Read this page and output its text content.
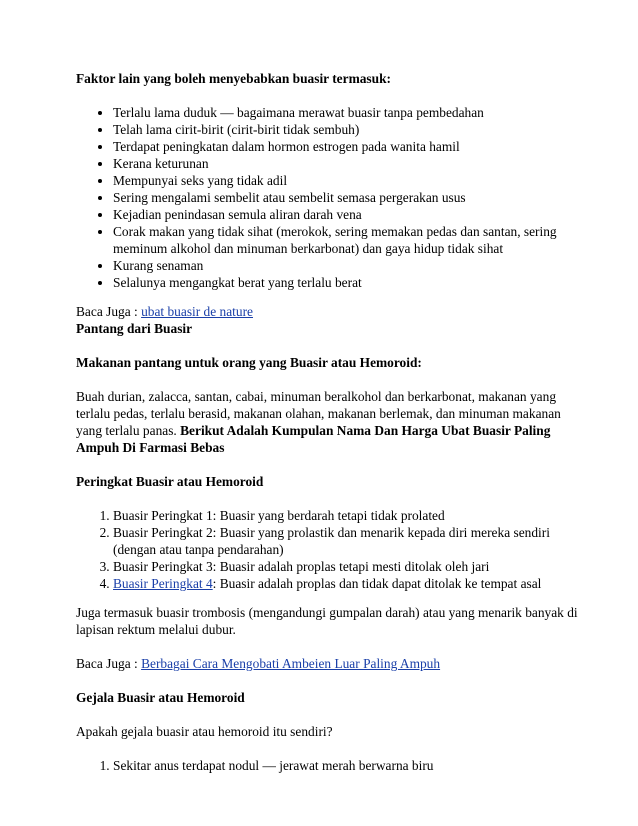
Faktor lain yang boleh menyebabkan buasir termasuk:

• Terlalu lama duduk — bagaimana merawat buasir tanpa pembedahan
• Telah lama cirit-birit (cirit-birit tidak sembuh)
• Terdapat peningkatan dalam hormon estrogen pada wanita hamil
• Kerana keturunan
• Mempunyai seks yang tidak adil
• Sering mengalami sembelit atau sembelit semasa pergerakan usus
• Kejadian penindasan semula aliran darah vena
• Corak makan yang tidak sihat (merokok, sering memakan pedas dan santan, sering meminum alkohol dan minuman berkarbonat) dan gaya hidup tidak sihat
• Kurang senaman
• Selalunya mengangkat berat yang terlalu berat

Baca Juga : ubat buasir de nature

Pantang dari Buasir

Makanan pantang untuk orang yang Buasir atau Hemoroid:

Buah durian, zalacca, santan, cabai, minuman beralkohol dan berkarbonat, makanan yang terlalu pedas, terlalu berasid, makanan olahan, makanan berlemak, dan minuman makanan yang terlalu panas. Berikut Adalah Kumpulan Nama Dan Harga Ubat Buasir Paling Ampuh Di Farmasi Bebas

Peringkat Buasir atau Hemoroid

1. Buasir Peringkat 1: Buasir yang berdarah tetapi tidak prolated
2. Buasir Peringkat 2: Buasir yang prolastik dan menarik kepada diri mereka sendiri (dengan atau tanpa pendarahan)
3. Buasir Peringkat 3: Buasir adalah proplas tetapi mesti ditolak oleh jari
4. Buasir Peringkat 4: Buasir adalah proplas dan tidak dapat ditolak ke tempat asal

Juga termasuk buasir trombosis (mengandungi gumpalan darah) atau yang menarik banyak di lapisan rektum melalui dubur.

Baca Juga : Berbagai Cara Mengobati Ambeien Luar Paling Ampuh

Gejala Buasir atau Hemoroid

Apakah gejala buasir atau hemoroid itu sendiri?

1. Sekitar anus terdapat nodul — jerawat merah berwarna biru
